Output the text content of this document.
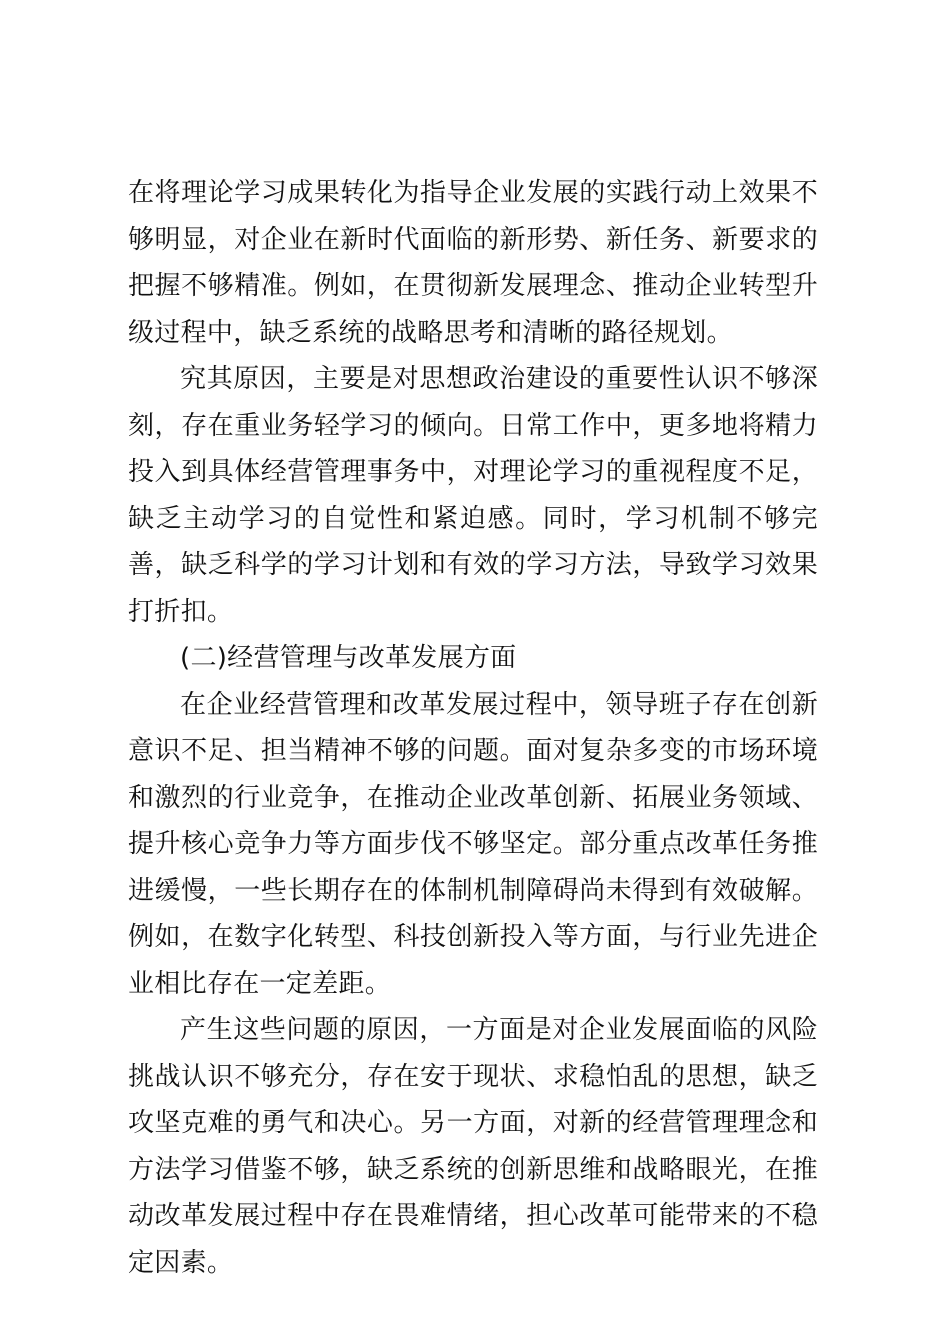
在将理论学习成果转化为指导企业发展的实践行动上效果不够明显，对企业在新时代面临的新形势、新任务、新要求的把握不够精准。例如，在贯彻新发展理念、推动企业转型升级过程中，缺乏系统的战略思考和清晰的路径规划。

究其原因，主要是对思想政治建设的重要性认识不够深刻，存在重业务轻学习的倾向。日常工作中，更多地将精力投入到具体经营管理事务中，对理论学习的重视程度不足，缺乏主动学习的自觉性和紧迫感。同时，学习机制不够完善，缺乏科学的学习计划和有效的学习方法，导致学习效果打折扣。

(二)经营管理与改革发展方面

在企业经营管理和改革发展过程中，领导班子存在创新意识不足、担当精神不够的问题。面对复杂多变的市场环境和激烈的行业竞争，在推动企业改革创新、拓展业务领域、提升核心竞争力等方面步伐不够坚定。部分重点改革任务推进缓慢，一些长期存在的体制机制障碍尚未得到有效破解。例如，在数字化转型、科技创新投入等方面，与行业先进企业相比存在一定差距。

产生这些问题的原因，一方面是对企业发展面临的风险挑战认识不够充分，存在安于现状、求稳怕乱的思想，缺乏攻坚克难的勇气和决心。另一方面，对新的经营管理理念和方法学习借鉴不够，缺乏系统的创新思维和战略眼光，在推动改革发展过程中存在畏难情绪，担心改革可能带来的不稳定因素。
